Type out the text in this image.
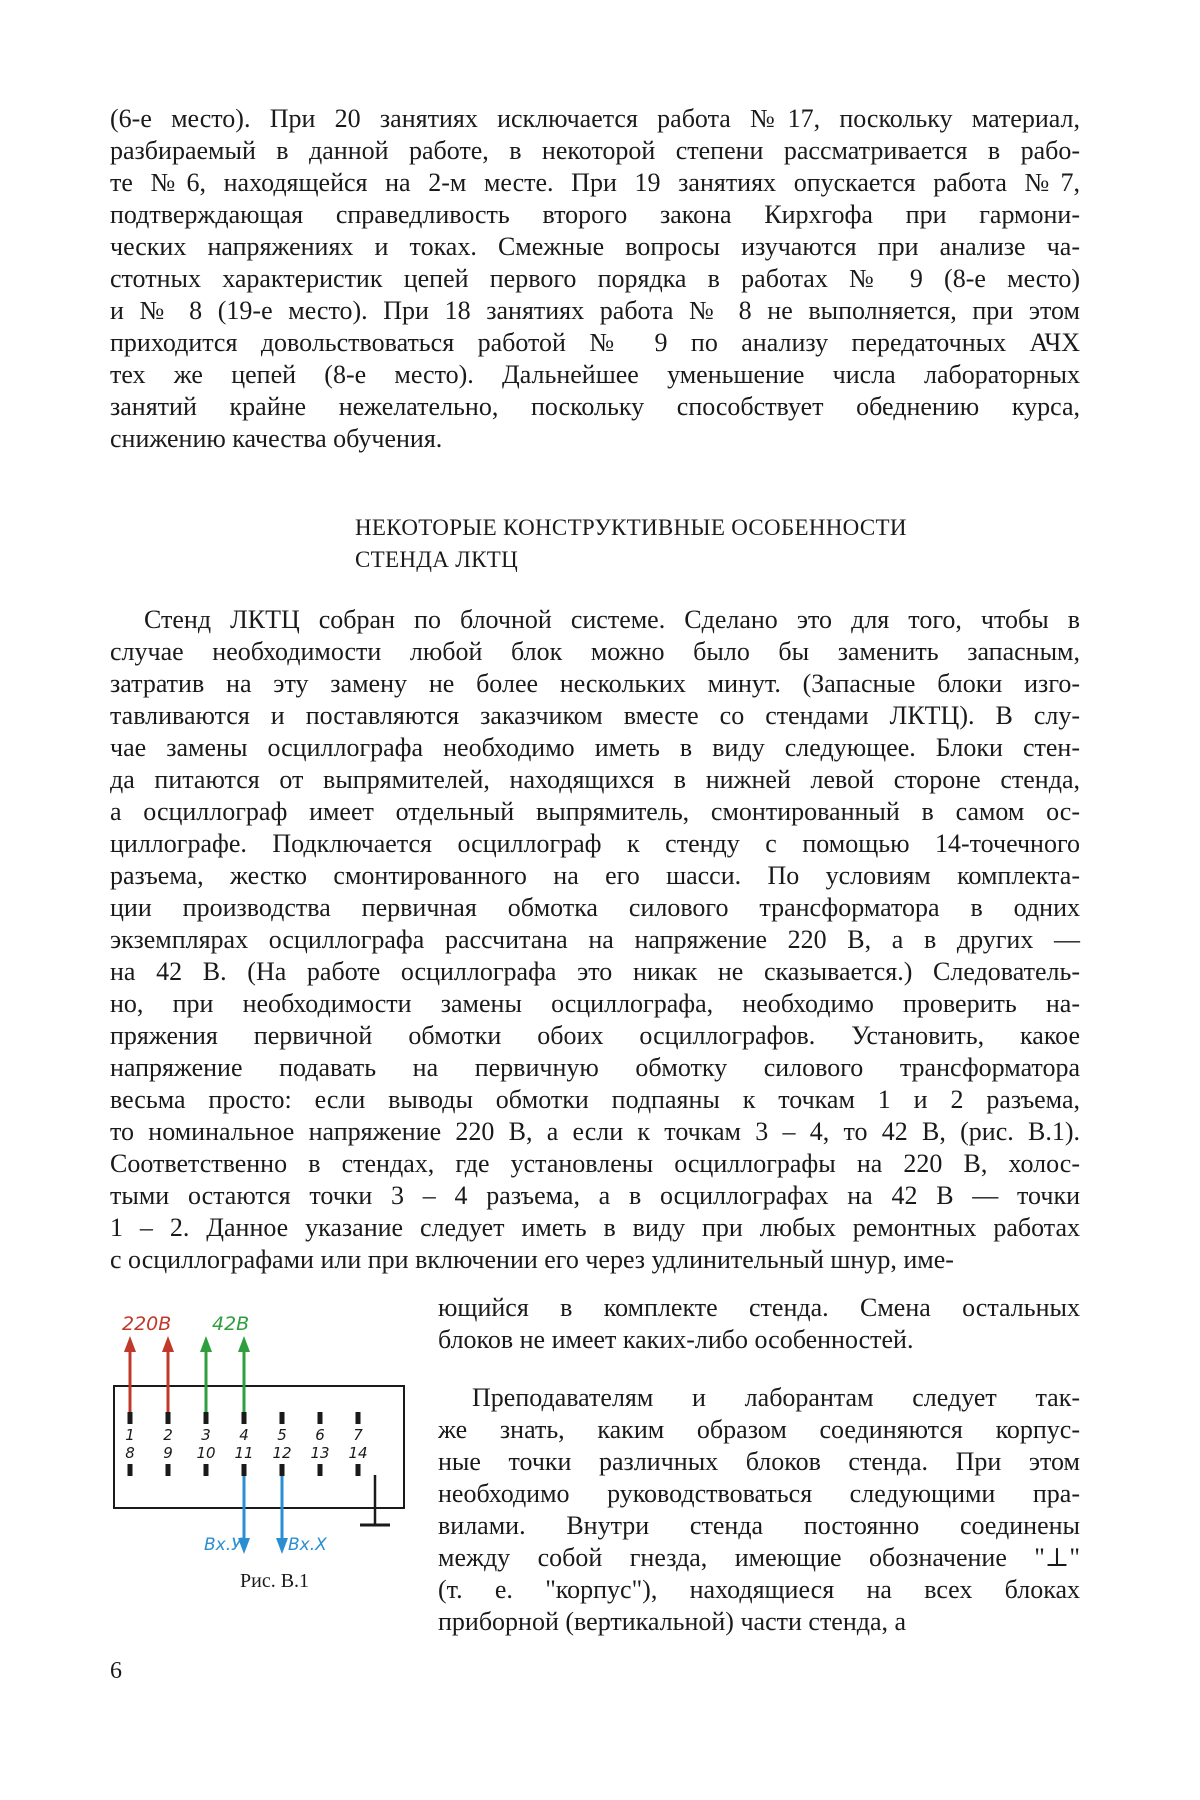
(6-е место). При 20 занятиях исключается работа №17, поскольку материал,
разбираемый в данной работе, в некоторой степени рассматривается в рабо-
те №6, находящейся на 2-м месте. При 19 занятиях опускается работа №7,
подтверждающая справедливость второго закона Кирхгофа при гармони-
ческих напряжениях и токах. Смежные вопросы изучаются при анализе ча-
стотных характеристик цепей первого порядка в работах № 9 (8-е место)
и № 8 (19-е место). При 18 занятиях работа № 8 не выполняется, при этом
приходится довольствоваться работой № 9 по анализу передаточных АЧХ
тех же цепей (8-е место). Дальнейшее уменьшение числа лабораторных
занятий крайне нежелательно, поскольку способствует обеднению курса,
снижению качества обучения.
НЕКОТОРЫЕ КОНСТРУКТИВНЫЕ ОСОБЕННОСТИ
СТЕНДА ЛКТЦ
Стенд ЛКТЦ собран по блочной системе. Сделано это для того, чтобы в
случае необходимости любой блок можно было бы заменить запасным,
затратив на эту замену не более нескольких минут. (Запасные блоки изго-
тавливаются и поставляются заказчиком вместе со стендами ЛКТЦ). В слу-
чае замены осциллографа необходимо иметь в виду следующее. Блоки стен-
да питаются от выпрямителей, находящихся в нижней левой стороне стенда,
а осциллограф имеет отдельный выпрямитель, смонтированный в самом ос-
циллографе. Подключается осциллограф к стенду с помощью 14-точечного
разъема, жестко смонтированного на его шасси. По условиям комплекта-
ции производства первичная обмотка силового трансформатора в одних
экземплярах осциллографа рассчитана на напряжение 220 В, а в других —
на 42 В. (На работе осциллографа это никак не сказывается.) Следователь-
но, при необходимости замены осциллографа, необходимо проверить на-
пряжения первичной обмотки обоих осциллографов. Установить, какое
напряжение подавать на первичную обмотку силового трансформатора
весьма просто: если выводы обмотки подпаяны к точкам 1 и 2 разъема,
то номинальное напряжение 220 В, а если к точкам 3 – 4, то 42 В, (рис. В.1).
Соответственно в стендах, где установлены осциллографы на 220 В, холос-
тыми остаются точки 3 – 4 разъема, а в осциллографах на 42 В — точки
1 – 2. Данное указание следует иметь в виду при любых ремонтных работах
с осциллографами или при включении его через удлинительный шнур, име-
ющийся в комплекте стенда. Смена остальных
блоков не имеет каких-либо особенностей.
Преподавателям и лаборантам следует так-
же знать, каким образом соединяются корпус-
ные точки различных блоков стенда. При этом
необходимо руководствоваться следующими пра-
вилами. Внутри стенда постоянно соединены
между собой гнезда, имеющие обозначение "⊥"
(т. е. "корпус"), находящиеся на всех блоках
приборной (вертикальной) части стенда, а
220В 42В
1 2 3 4 5 6 7
8 9 10 11 12 13 14
Вх.У	Вх.Х
Рис. В.1
6
